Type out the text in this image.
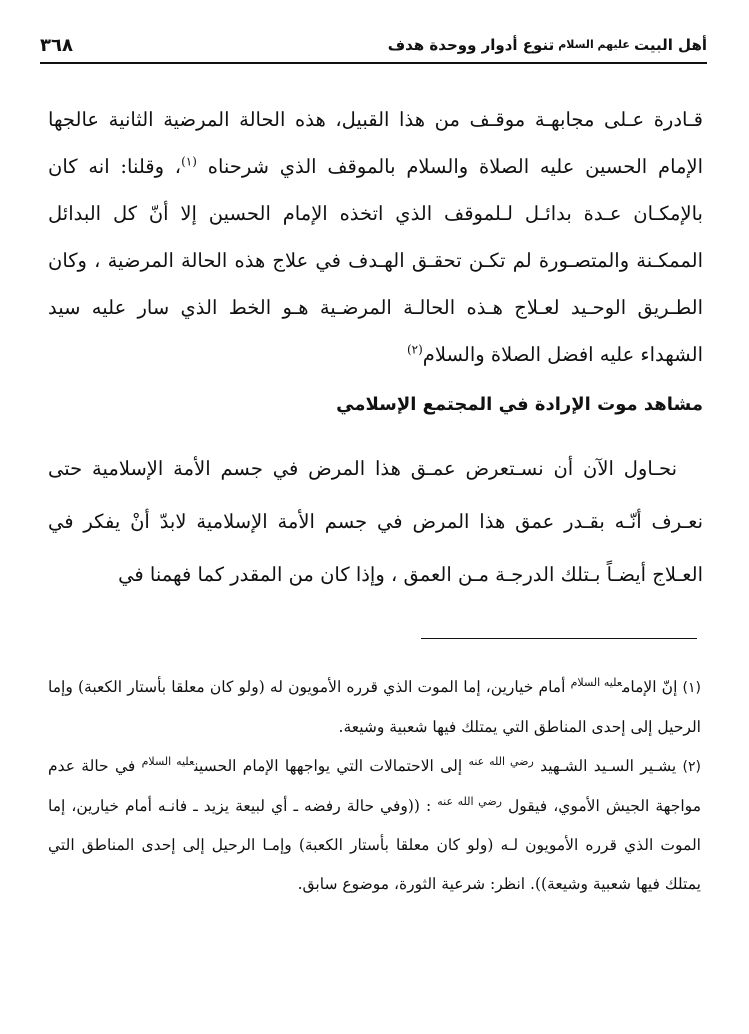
أهل البيت
عليهم السلام
تنوع أدوار ووحدة هدف
٣٦٨

قـادرة عـلى مجابهـة موقـف من هذا القبيل، هذه الحالة المرضية الثانية عالجها الإمام الحسين عليه الصلاة والسلام بالموقف الذي شرحناه $^{(١)}$، وقلنا: انه كان بالإمكـان عـدة بدائـل لـلموقف الذي اتخذه الإمام الحسين إلا أنّ كل البدائل الممكـنة والمتصـورة لم تكـن تحقـق الهـدف في علاج هذه الحالة المرضية ، وكان الطـريق الوحـيد لعـلاج هـذه الحالـة المرضـية هـو الخط الذي سار عليه سيد الشهداء عليه افضل الصلاة والسلام$^{(٢)}$

مشاهد موت الإرادة في المجتمع الإسلامي

نحـاول الآن أن نسـتعرض عمـق هذا المرض في جسم الأمة الإسلامية حتى نعـرف أنّـه بقـدر عمق هذا المرض في جسم الأمة الإسلامية لابدّ أنْ يفكر في العـلاج أيضـاً بـتلك الدرجـة مـن العمق ، وإذا كان من المقدر كما فهمنا في

(١) إنّ الإمام$^{عليه السلام}$ أمام خيارين، إما الموت الذي قرره الأمويون له (ولو كان معلقا بأستار الكعبة) وإما الرحيل إلى إحدى المناطق التي يمتلك فيها شعبية وشيعة.

(٢) يشـير السـيد الشـهيد $^{رضي الله عنه}$ إلى الاحتمالات التي يواجهها الإمام الحسين$^{عليه السلام}$ في حالة عدم مواجهة الجيش الأموي، فيقول $^{رضي الله عنه}$ : ((وفي حالة رفضه ـ أي لبيعة يزيد ـ فانـه أمام خيارين، إما الموت الذي قرره الأمويون لـه (ولو كان معلقا بأستار الكعبة) وإمـا الرحيل إلى إحدى المناطق التي يمتلك فيها شعبية وشيعة)). انظر: شرعية الثورة، موضوع سابق.
